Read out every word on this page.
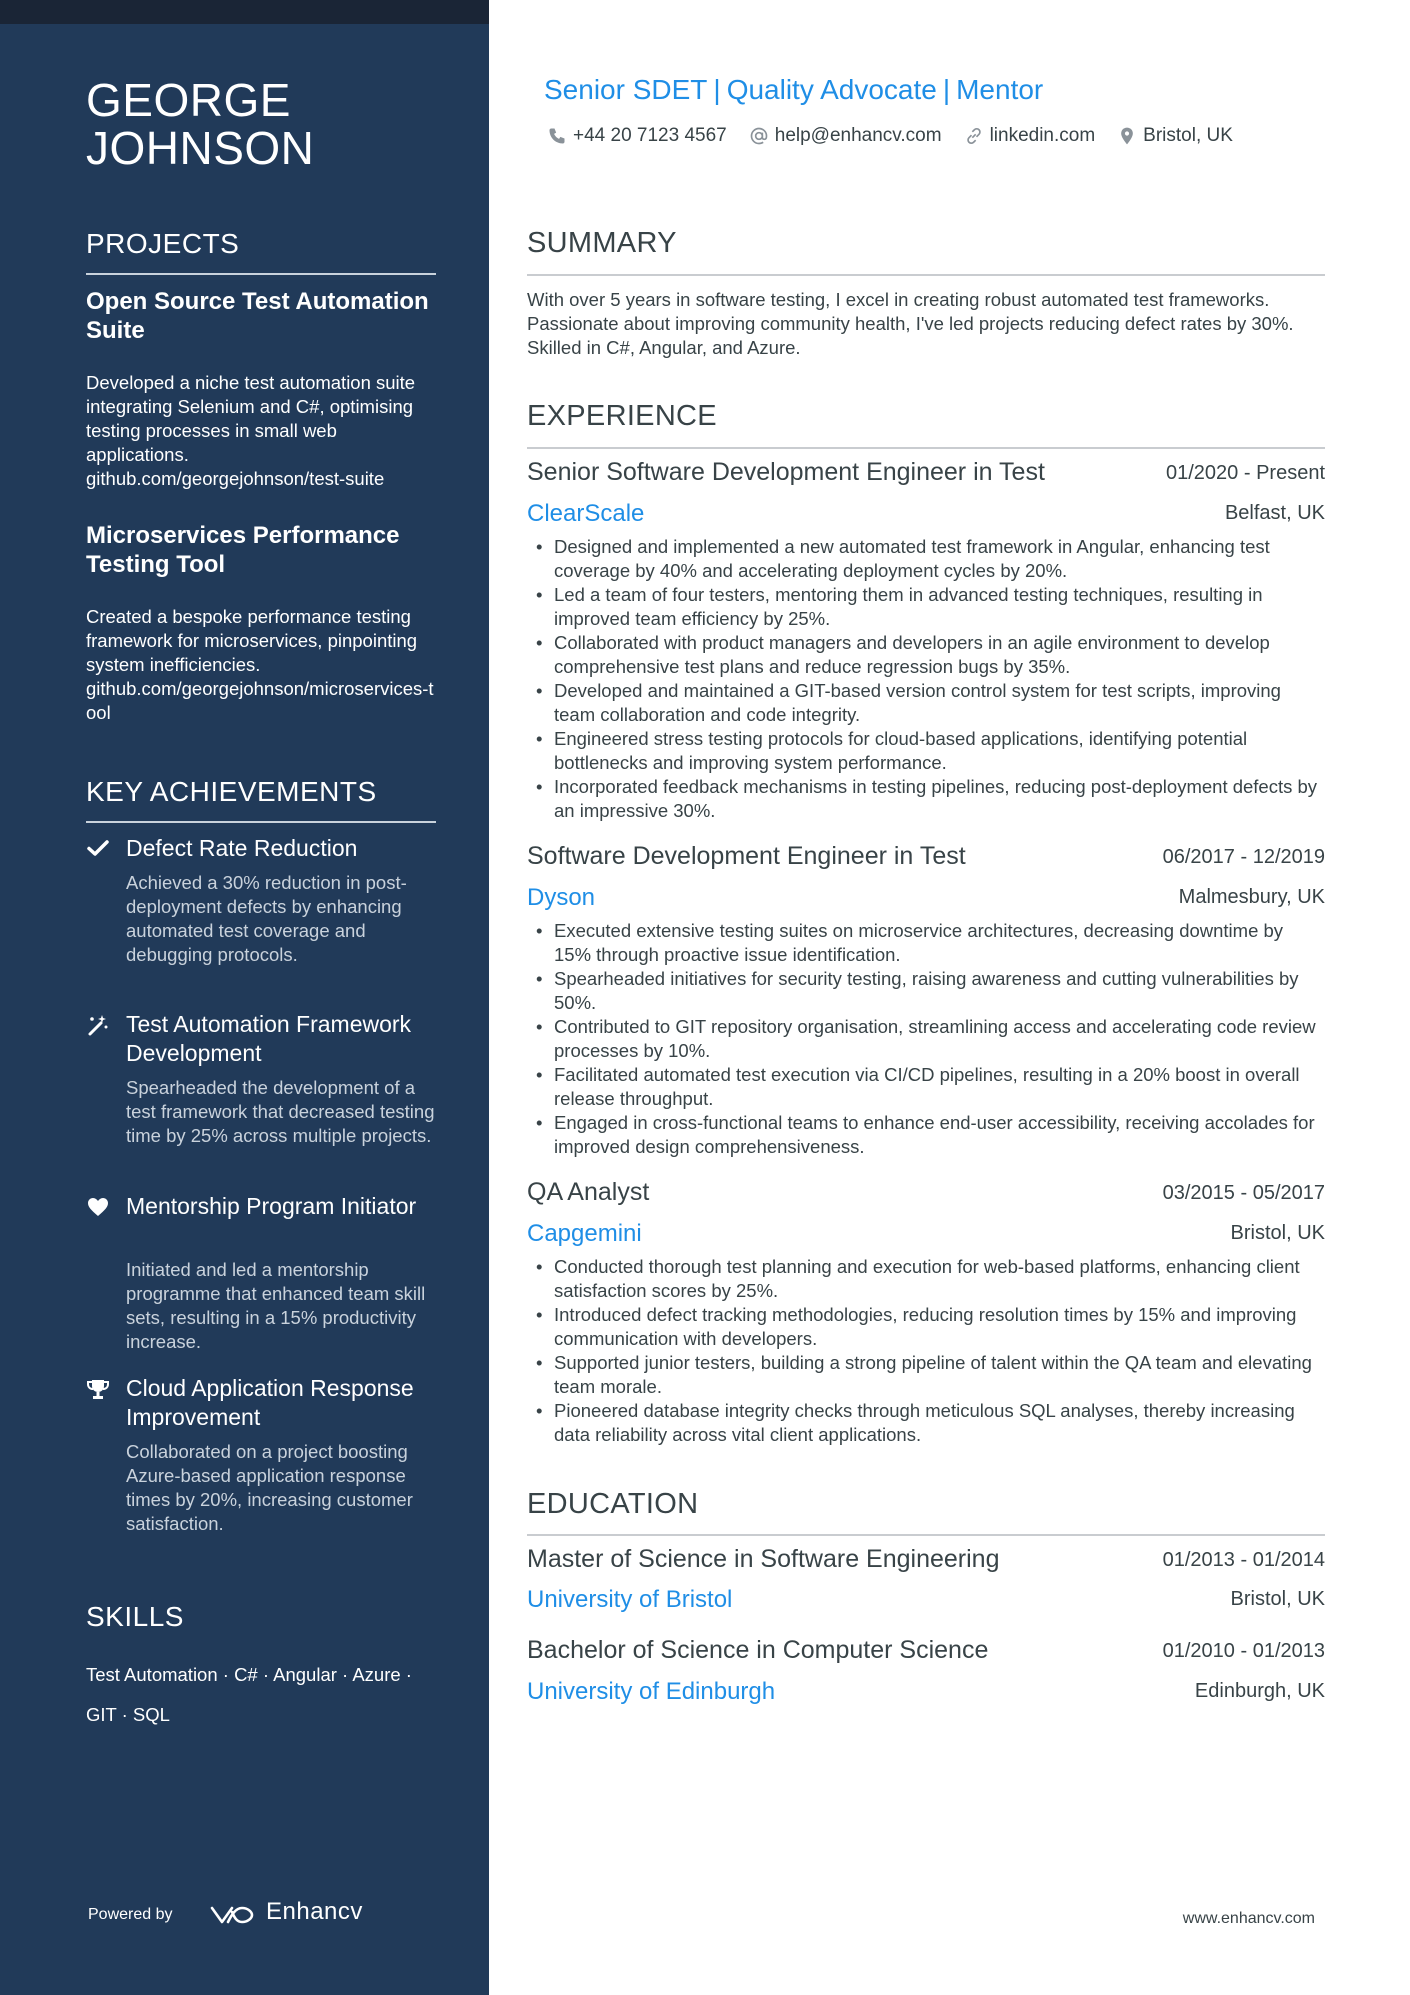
GEORGE
JOHNSON
PROJECTS
Open Source Test Automation Suite
Developed a niche test automation suite integrating Selenium and C#, optimising testing processes in small web applications.
github.com/georgejohnson/test-suite
Microservices Performance Testing Tool
Created a bespoke performance testing framework for microservices, pinpointing system inefficiencies.
github.com/georgejohnson/microservices-tool
KEY ACHIEVEMENTS
Defect Rate Reduction
Achieved a 30% reduction in post-deployment defects by enhancing automated test coverage and debugging protocols.
Test Automation Framework Development
Spearheaded the development of a test framework that decreased testing time by 25% across multiple projects.
Mentorship Program Initiator
Initiated and led a mentorship programme that enhanced team skill sets, resulting in a 15% productivity increase.
Cloud Application Response Improvement
Collaborated on a project boosting Azure-based application response times by 20%, increasing customer satisfaction.
SKILLS
Test Automation · C# · Angular · Azure ·
GIT · SQL
Powered by	Enhancv
Senior SDET | Quality Advocate | Mentor
+44 20 7123 4567	help@enhancv.com	linkedin.com	Bristol, UK
SUMMARY
With over 5 years in software testing, I excel in creating robust automated test frameworks. Passionate about improving community health, I've led projects reducing defect rates by 30%. Skilled in C#, Angular, and Azure.
EXPERIENCE
Senior Software Development Engineer in Test	01/2020 - Present
ClearScale	Belfast, UK
• Designed and implemented a new automated test framework in Angular, enhancing test coverage by 40% and accelerating deployment cycles by 20%.
• Led a team of four testers, mentoring them in advanced testing techniques, resulting in improved team efficiency by 25%.
• Collaborated with product managers and developers in an agile environment to develop comprehensive test plans and reduce regression bugs by 35%.
• Developed and maintained a GIT-based version control system for test scripts, improving team collaboration and code integrity.
• Engineered stress testing protocols for cloud-based applications, identifying potential bottlenecks and improving system performance.
• Incorporated feedback mechanisms in testing pipelines, reducing post-deployment defects by an impressive 30%.
Software Development Engineer in Test	06/2017 - 12/2019
Dyson	Malmesbury, UK
• Executed extensive testing suites on microservice architectures, decreasing downtime by 15% through proactive issue identification.
• Spearheaded initiatives for security testing, raising awareness and cutting vulnerabilities by 50%.
• Contributed to GIT repository organisation, streamlining access and accelerating code review processes by 10%.
• Facilitated automated test execution via CI/CD pipelines, resulting in a 20% boost in overall release throughput.
• Engaged in cross-functional teams to enhance end-user accessibility, receiving accolades for improved design comprehensiveness.
QA Analyst	03/2015 - 05/2017
Capgemini	Bristol, UK
• Conducted thorough test planning and execution for web-based platforms, enhancing client satisfaction scores by 25%.
• Introduced defect tracking methodologies, reducing resolution times by 15% and improving communication with developers.
• Supported junior testers, building a strong pipeline of talent within the QA team and elevating team morale.
• Pioneered database integrity checks through meticulous SQL analyses, thereby increasing data reliability across vital client applications.
EDUCATION
Master of Science in Software Engineering	01/2013 - 01/2014
University of Bristol	Bristol, UK
Bachelor of Science in Computer Science	01/2010 - 01/2013
University of Edinburgh	Edinburgh, UK
www.enhancv.com
